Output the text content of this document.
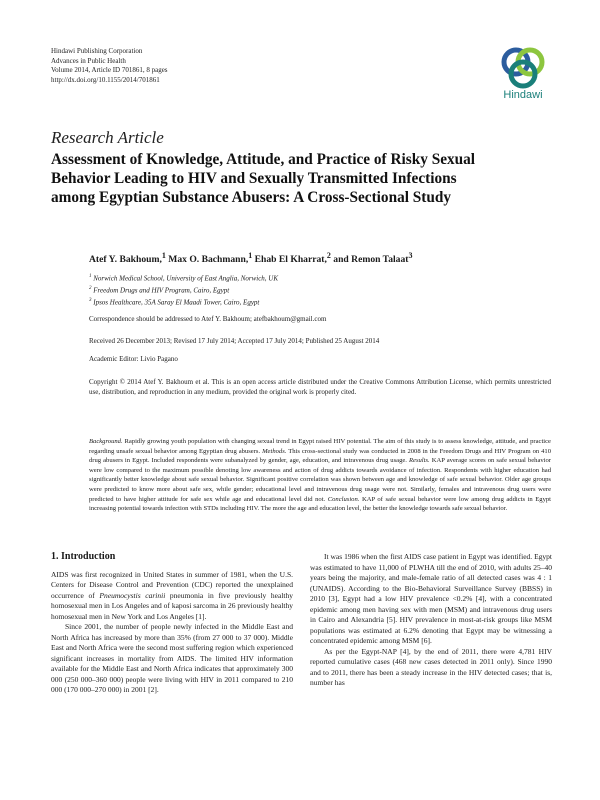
Hindawi Publishing Corporation
Advances in Public Health
Volume 2014, Article ID 701861, 8 pages
http://dx.doi.org/10.1155/2014/701861
Hindawi
Research Article
Assessment of Knowledge, Attitude, and Practice of Risky Sexual
Behavior Leading to HIV and Sexually Transmitted Infections
among Egyptian Substance Abusers: A Cross-Sectional Study
Atef Y. Bakhoum,$^1$ Max O. Bachmann,$^1$ Ehab El Kharrat,$^2$ and Remon Talaat$^3$
$^1$ Norwich Medical School, University of East Anglia, Norwich, UK
$^2$ Freedom Drugs and HIV Program, Cairo, Egypt
$^3$ Ipsos Healthcare, 35A Saray El Maadi Tower, Cairo, Egypt
Correspondence should be addressed to Atef Y. Bakhoum; atefbakhoum@gmail.com
Received 26 December 2013; Revised 17 July 2014; Accepted 17 July 2014; Published 25 August 2014
Academic Editor: Livio Pagano
Copyright © 2014 Atef Y. Bakhoum et al. This is an open access article distributed under the Creative Commons Attribution License, which permits unrestricted use, distribution, and reproduction in any medium, provided the original work is properly cited.
Background. Rapidly growing youth population with changing sexual trend in Egypt raised HIV potential. The aim of this study is to assess knowledge, attitude, and practice regarding unsafe sexual behavior among Egyptian drug abusers. Methods. This cross-sectional study was conducted in 2008 in the Freedom Drugs and HIV Program on 410 drug abusers in Egypt. Included respondents were subanalyzed by gender, age, education, and intravenous drug usage. Results. KAP average scores on safe sexual behavior were low compared to the maximum possible denoting low awareness and action of drug addicts towards avoidance of infection. Respondents with higher education had significantly better knowledge about safe sexual behavior. Significant positive correlation was shown between age and knowledge of safe sexual behavior. Older age groups were predicted to know more about safe sex, while gender; educational level and intravenous drug usage were not. Similarly, females and intravenous drug users were predicted to have higher attitude for safe sex while age and educational level did not. Conclusion. KAP of safe sexual behavior were low among drug addicts in Egypt increasing potential towards infection with STDs including HIV. The more the age and education level, the better the knowledge towards safe sexual behavior.
1. Introduction

AIDS was first recognized in United States in summer of 1981, when the U.S. Centers for Disease Control and Prevention (CDC) reported the unexplained occurrence of Pneumocystis carinii pneumonia in five previously healthy homosexual men in Los Angeles and of kaposi sarcoma in 26 previously healthy homosexual men in New York and Los Angeles [1].

Since 2001, the number of people newly infected in the Middle East and North Africa has increased by more than 35% (from 27 000 to 37 000). Middle East and North Africa were the second most suffering region which experienced significant increases in mortality from AIDS. The limited HIV information available for the Middle East and North Africa indicates that approximately 300 000 (250 000–360 000) people were living with HIV in 2011 compared to 210 000 (170 000–270 000) in 2001 [2].

It was 1986 when the first AIDS case patient in Egypt was identified. Egypt was estimated to have 11,000 of PLWHA till the end of 2010, with adults 25–40 years being the majority, and male-female ratio of all detected cases was 4 : 1 (UNAIDS). According to the Bio-Behavioral Surveillance Survey (BBSS) in 2010 [3], Egypt had a low HIV prevalence <0.2% [4], with a concentrated epidemic among men having sex with men (MSM) and intravenous drug users in Cairo and Alexandria [5]. HIV prevalence in most-at-risk groups like MSM populations was estimated at 6.2% denoting that Egypt may be witnessing a concentrated epidemic among MSM [6].

As per the Egypt-NAP [4], by the end of 2011, there were 4,781 HIV reported cumulative cases (468 new cases detected in 2011 only). Since 1990 and to 2011, there has been a steady increase in the HIV detected cases; that is, number has
